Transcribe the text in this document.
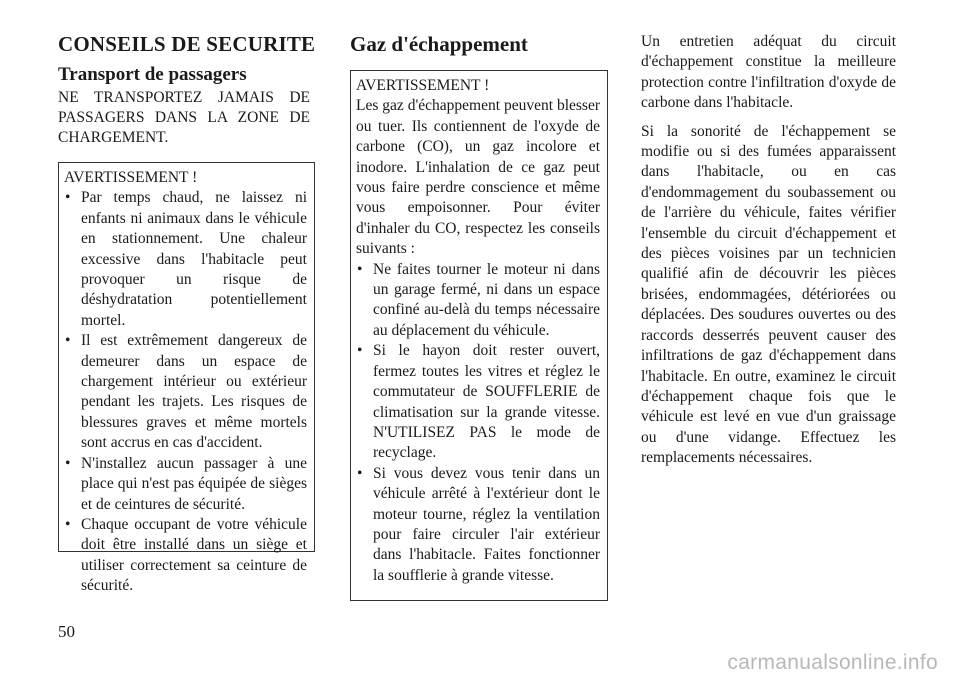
CONSEILS DE SECURITE
Transport de passagers

NE TRANSPORTEZ JAMAIS DE PASSAGERS DANS LA ZONE DE CHARGEMENT.

AVERTISSEMENT !

• Par temps chaud, ne laissez ni enfants ni animaux dans le véhicule en stationnement. Une chaleur excessive dans l'habitacle peut provoquer un risque de déshydratation potentiellement mortel.
• Il est extrêmement dangereux de demeurer dans un espace de chargement intérieur ou extérieur pendant les trajets. Les risques de blessures graves et même mortels sont accrus en cas d'accident.
• N'installez aucun passager à une place qui n'est pas équipée de sièges et de ceintures de sécurité.
• Chaque occupant de votre véhicule doit être installé dans un siège et utiliser correctement sa ceinture de sécurité.
Gaz d'échappement

AVERTISSEMENT !

Les gaz d'échappement peuvent blesser ou tuer. Ils contiennent de l'oxyde de carbone (CO), un gaz incolore et inodore. L'inhalation de ce gaz peut vous faire perdre conscience et même vous empoisonner. Pour éviter d'inhaler du CO, respectez les conseils suivants :

• Ne faites tourner le moteur ni dans un garage fermé, ni dans un espace confiné au-delà du temps nécessaire au déplacement du véhicule.
• Si le hayon doit rester ouvert, fermez toutes les vitres et réglez le commutateur de SOUFFLERIE de climatisation sur la grande vitesse. N'UTILISEZ PAS le mode de recyclage.
• Si vous devez vous tenir dans un véhicule arrêté à l'extérieur dont le moteur tourne, réglez la ventilation pour faire circuler l'air extérieur dans l'habitacle. Faites fonctionner la soufflerie à grande vitesse.

Un entretien adéquat du circuit d'échappement constitue la meilleure protection contre l'infiltration d'oxyde de carbone dans l'habitacle.

Si la sonorité de l'échappement se modifie ou si des fumées apparaissent dans l'habitacle, ou en cas d'endommagement du soubassement ou de l'arrière du véhicule, faites vérifier l'ensemble du circuit d'échappement et des pièces voisines par un technicien qualifié afin de découvrir les pièces brisées, endommagées, détériorées ou déplacées. Des soudures ouvertes ou des raccords desserrés peuvent causer des infiltrations de gaz d'échappement dans l'habitacle. En outre, examinez le circuit d'échappement chaque fois que le véhicule est levé en vue d'un graissage ou d'une vidange. Effectuez les remplacements nécessaires.

50
carmanualsonline.info
